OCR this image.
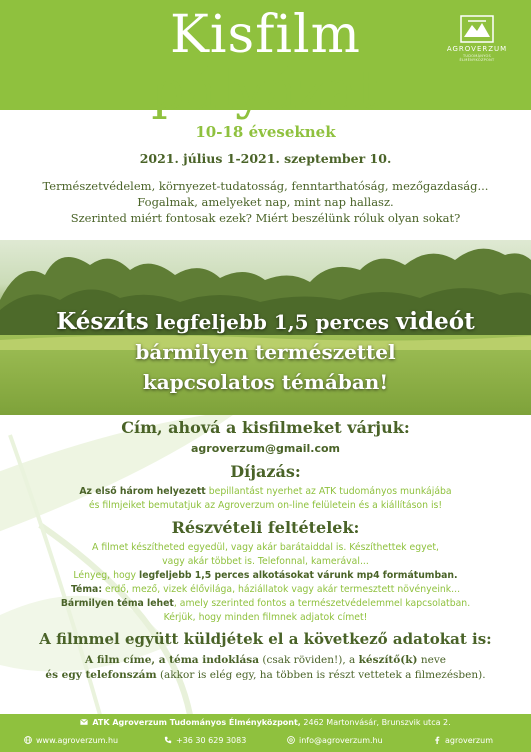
Kisfilm
pályázat
AGROVERZUM
TUDOMÁNYOS ÉLMÉNYKÖZPONT
10-18 éveseknek
2021. július 1-2021. szeptember 10.
Természetvédelem, környezet-tudatosság, fenntarthatóság, mezőgazdaság...
Fogalmak, amelyeket nap, mint nap hallasz.
Szerinted miért fontosak ezek? Miért beszélünk róluk olyan sokat?
Készíts legfeljebb 1,5 perces videót
bármilyen természettel
kapcsolatos témában!
Cím, ahová a kisfilmeket várjuk:
agroverzum@gmail.com
Díjazás:
Az első három helyezett bepillantást nyerhet az ATK tudományos munkájába
és filmjeiket bemutatjuk az Agroverzum on-line felületein és a kiállításon is!
Részvételi feltételek:
A filmet készítheted egyedül, vagy akár barátaiddal is. Készíthettek egyet,
vagy akár többet is. Telefonnal, kamerával...
Lényeg, hogy legfeljebb 1,5 perces alkotásokat várunk mp4 formátumban.
Téma: erdő, mező, vizek élővilága, háziállatok vagy akár termesztett növényeink...
Bármilyen téma lehet, amely szerinted fontos a természetvédelemmel kapcsolatban.
Kérjük, hogy minden filmnek adjatok címet!
A filmmel együtt küldjétek el a következő adatokat is:
A film címe, a téma indoklása (csak röviden!), a készítő(k) neve
és egy telefonszám (akkor is elég egy, ha többen is részt vettetek a filmezésben).
ATK Agroverzum Tudományos Élményközpont, 2462 Martonvásár, Brunszvik utca 2.
www.agroverzum.hu	+36 30 629 3083	info@agroverzum.hu	agroverzum
